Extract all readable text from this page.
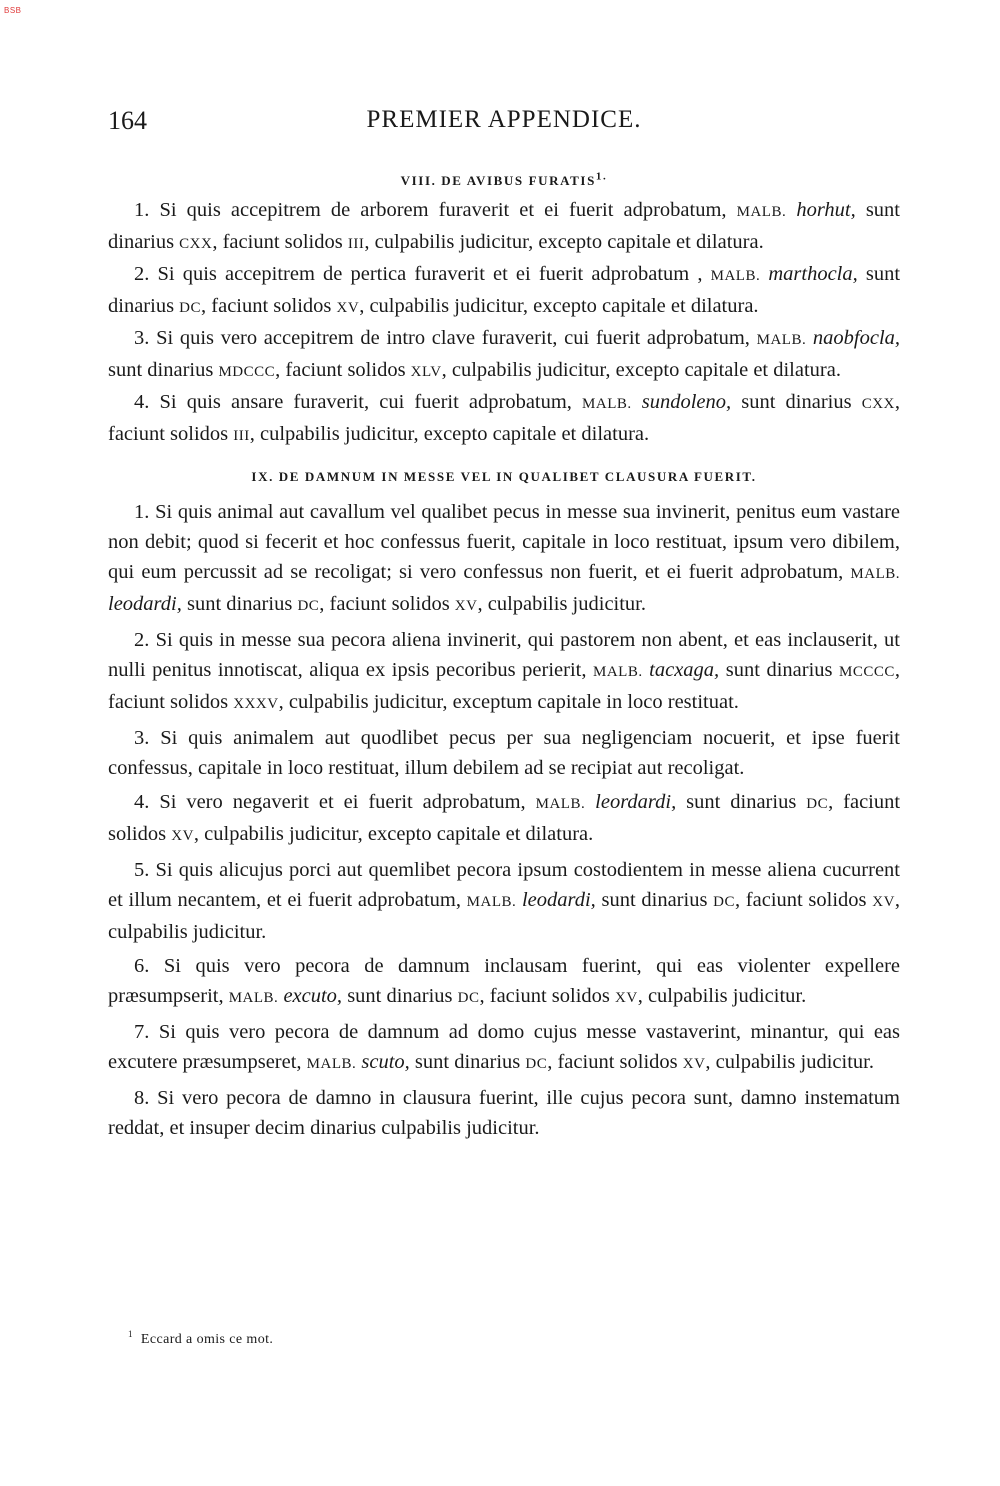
BSB
164	PREMIER APPENDICE.
VIII. DE AVIBUS $FURATIS^{1.}$

1. Si quis accepitrem de arborem furaverit et ei fuerit adprobatum, MALB. horhut, sunt dinarius CXX, faciunt solidos III, culpabilis judicitur, excepto capitale et dilatura.

2. Si quis accepitrem de pertica furaverit et ei fuerit adprobatum , MALB. marthocla, sunt dinarius DC, faciunt solidos XV, culpabilis judicitur, excepto capitale et dilatura.

3. Si quis vero accepitrem de intro clave furaverit, cui fuerit adprobatum, MALB. naobfocla, sunt dinarius MDCCC, faciunt solidos XLV, culpabilis judicitur, excepto capitale et dilatura.

4. Si quis ansare furaverit, cui fuerit adprobatum, MALB. sundoleno, sunt dinarius CXX, faciunt solidos III, culpabilis judicitur, excepto capitale et dilatura.

IX. DE DAMNUM IN MESSE VEL IN QUALIBET CLAUSURA FUERIT.

1. Si quis animal aut cavallum vel qualibet pecus in messe sua invinerit, penitus eum vastare non debit; quod si fecerit et hoc confessus fuerit, capitale in loco restituat, ipsum vero dibilem, qui eum percussit ad se recoligat; si vero confessus non fuerit, et ei fuerit adprobatum, MALB. leodardi, sunt dinarius DC, faciunt solidos XV, culpabilis judicitur.

2. Si quis in messe sua pecora aliena invinerit, qui pastorem non abent, et eas inclauserit, ut nulli penitus innotiscat, aliqua ex ipsis pecoribus perierit, MALB. tacxaga, sunt dinarius MCCCC, faciunt solidos XXXV, culpabilis judicitur, exceptum capitale in loco restituat.

3. Si quis animalem aut quodlibet pecus per sua negligenciam nocuerit, et ipse fuerit confessus, capitale in loco restituat, illum debilem ad se recipiat aut recoligat.

4. Si vero negaverit et ei fuerit adprobatum, MALB. leordardi, sunt dinarius DC, faciunt solidos XV, culpabilis judicitur, excepto capitale et dilatura.

5. Si quis alicujus porci aut quemlibet pecora ipsum costodientem in messe aliena cucurrent et illum necantem, et ei fuerit adprobatum, MALB. leodardi, sunt dinarius DC, faciunt solidos XV, culpabilis judicitur.

6. Si quis vero pecora de damnum inclausam fuerint, qui eas violenter expellere præsumpserit, MALB. excuto, sunt dinarius DC, faciunt solidos XV, culpabilis judicitur.

7. Si quis vero pecora de damnum ad domo cujus messe vastaverint, minantur, qui eas excutere præsumpseret, MALB. scuto, sunt dinarius DC, faciunt solidos XV, culpabilis judicitur.

8. Si vero pecora de damno in clausura fuerint, ille cujus pecora sunt, damno instematum reddat, et insuper decim dinarius culpabilis judicitur.

$^1$ Eccard a omis ce mot.
